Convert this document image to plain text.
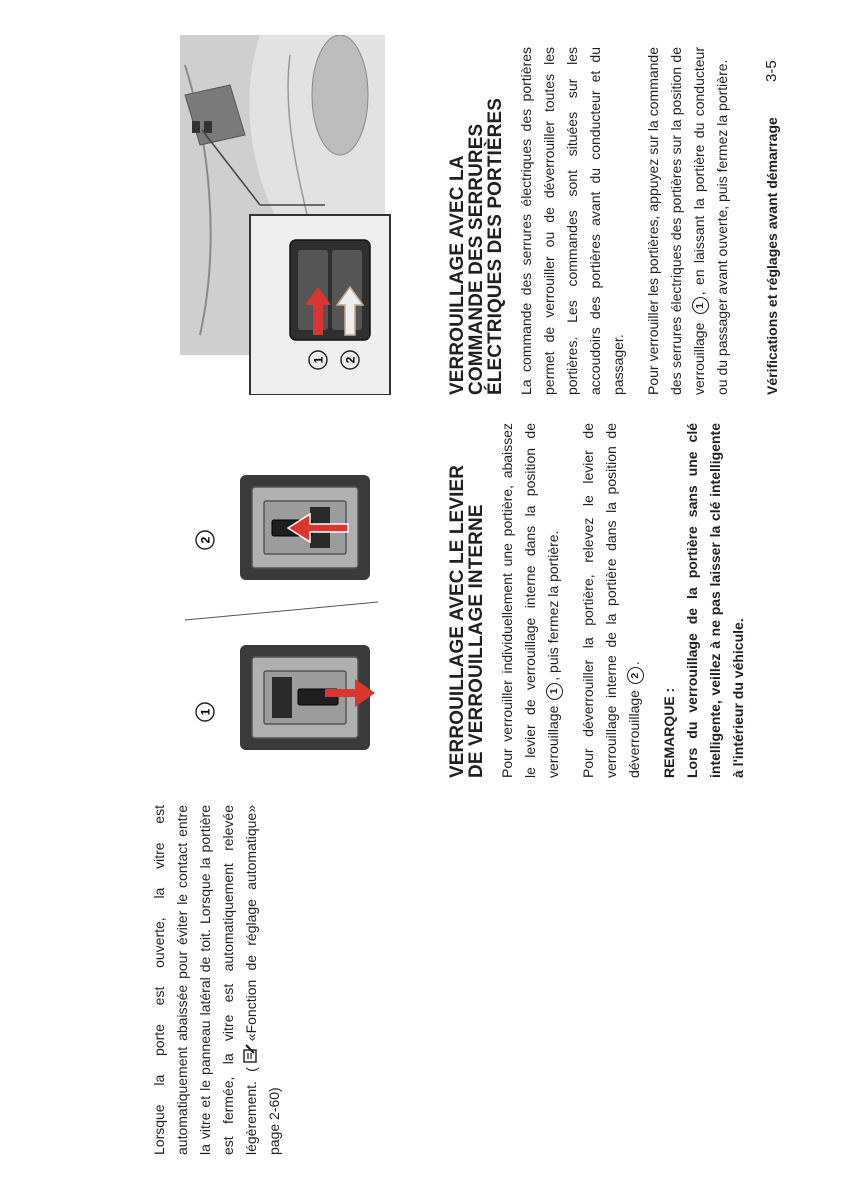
Lorsque la porte est ouverte, la vitre est automatiquement abaissée pour éviter le contact entre la vitre et le panneau latéral de toit. Lorsque la portière est fermée, la vitre est automatiquement relevée légèrement. («Fonction de réglage automatique» page 2-60)

1
2	VERROUILLAGE AVEC LE LEVIER
DE VERROUILLAGE INTERNE Pour verrouiller individuellement une portière, abaissez le levier de verrouillage interne dans la position de verrouillage 1, puis fermez la portière. Pour déverrouiller la portière, relevez le levier de verrouillage interne de la portière dans la position de déverrouillage 2.

REMARQUE : Lors du verrouillage de la portière sans une clé intelligente, veillez à ne pas laisser la clé intelligente à l'intérieur du véhicule.

1 2	VERROUILLAGE AVEC LA
COMMANDE DES SERRURES
ÉLECTRIQUES DES PORTIÈRES La commande des serrures électriques des portières permet de verrouiller ou de déverrouiller toutes les portières. Les commandes sont situées sur les accoudoirs des portières avant du conducteur et du passager. Pour verrouiller les portières, appuyez sur la commande des serrures électriques des portières sur la position de verrouillage 1, en laissant la portière du conducteur ou du passager avant ouverte, puis fermez la portière. Vérifications et réglages avant démarrage
3-5
